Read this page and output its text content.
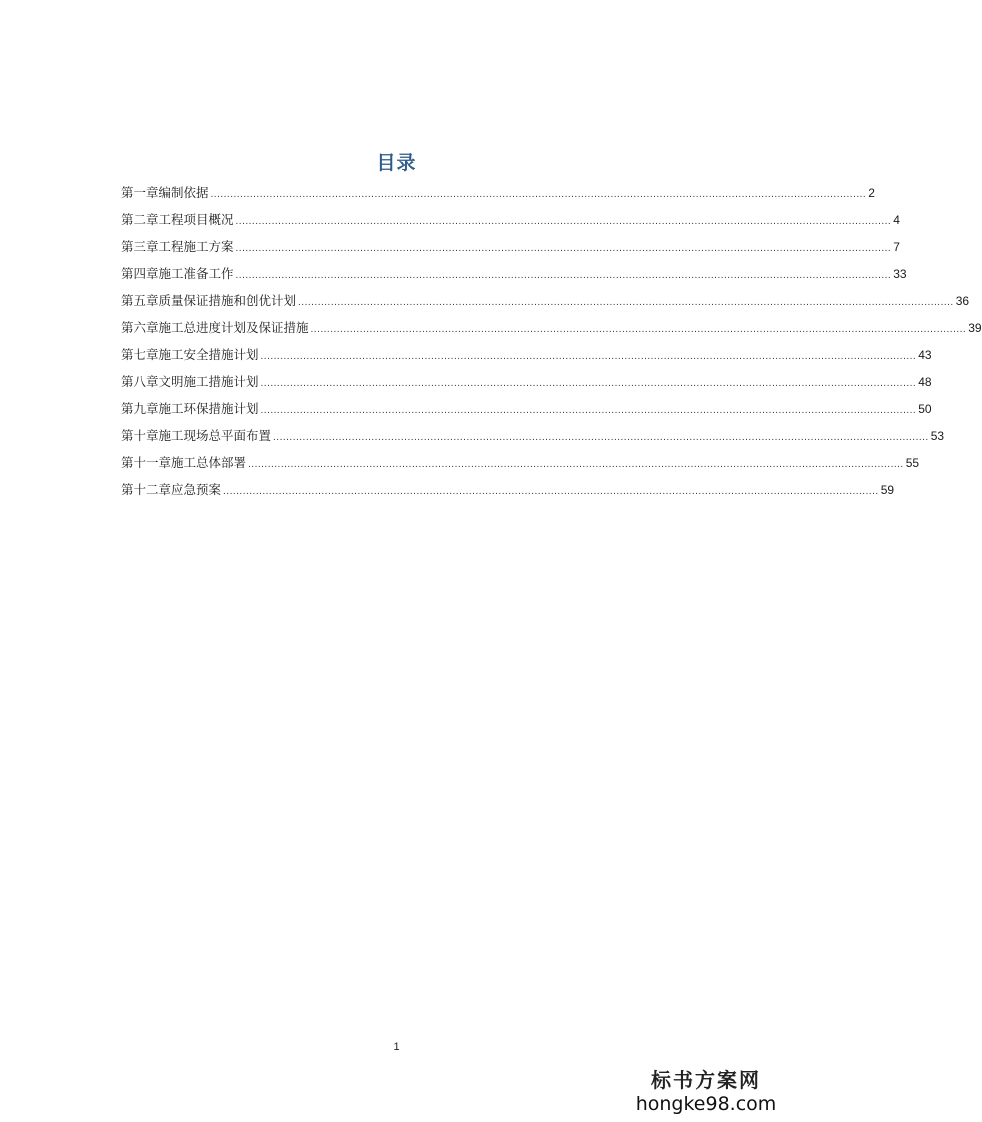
目录
第一章 编制依据 ........................................................................................................................................................................................................ 2
第二章 工程项目概况 ........................................................................................................................................................................................................ 4
第三章 工程施工方案 ........................................................................................................................................................................................................ 7
第四章 施工准备工作 ........................................................................................................................................................................................................ 33
第五章 质量保证措施和创优计划 ........................................................................................................................................................................................................ 36
第六章 施工总进度计划及保证措施 ........................................................................................................................................................................................................ 39
第七章 施工安全措施计划 ........................................................................................................................................................................................................ 43
第八章 文明施工措施计划 ........................................................................................................................................................................................................ 48
第九章 施工环保措施计划 ........................................................................................................................................................................................................ 50
第十章 施工现场总平面布置 ........................................................................................................................................................................................................ 53
第十一章 施工总体部署 ........................................................................................................................................................................................................ 55
第十二章 应急预案 ........................................................................................................................................................................................................ 59
1
标书方案网
hongke98.com
